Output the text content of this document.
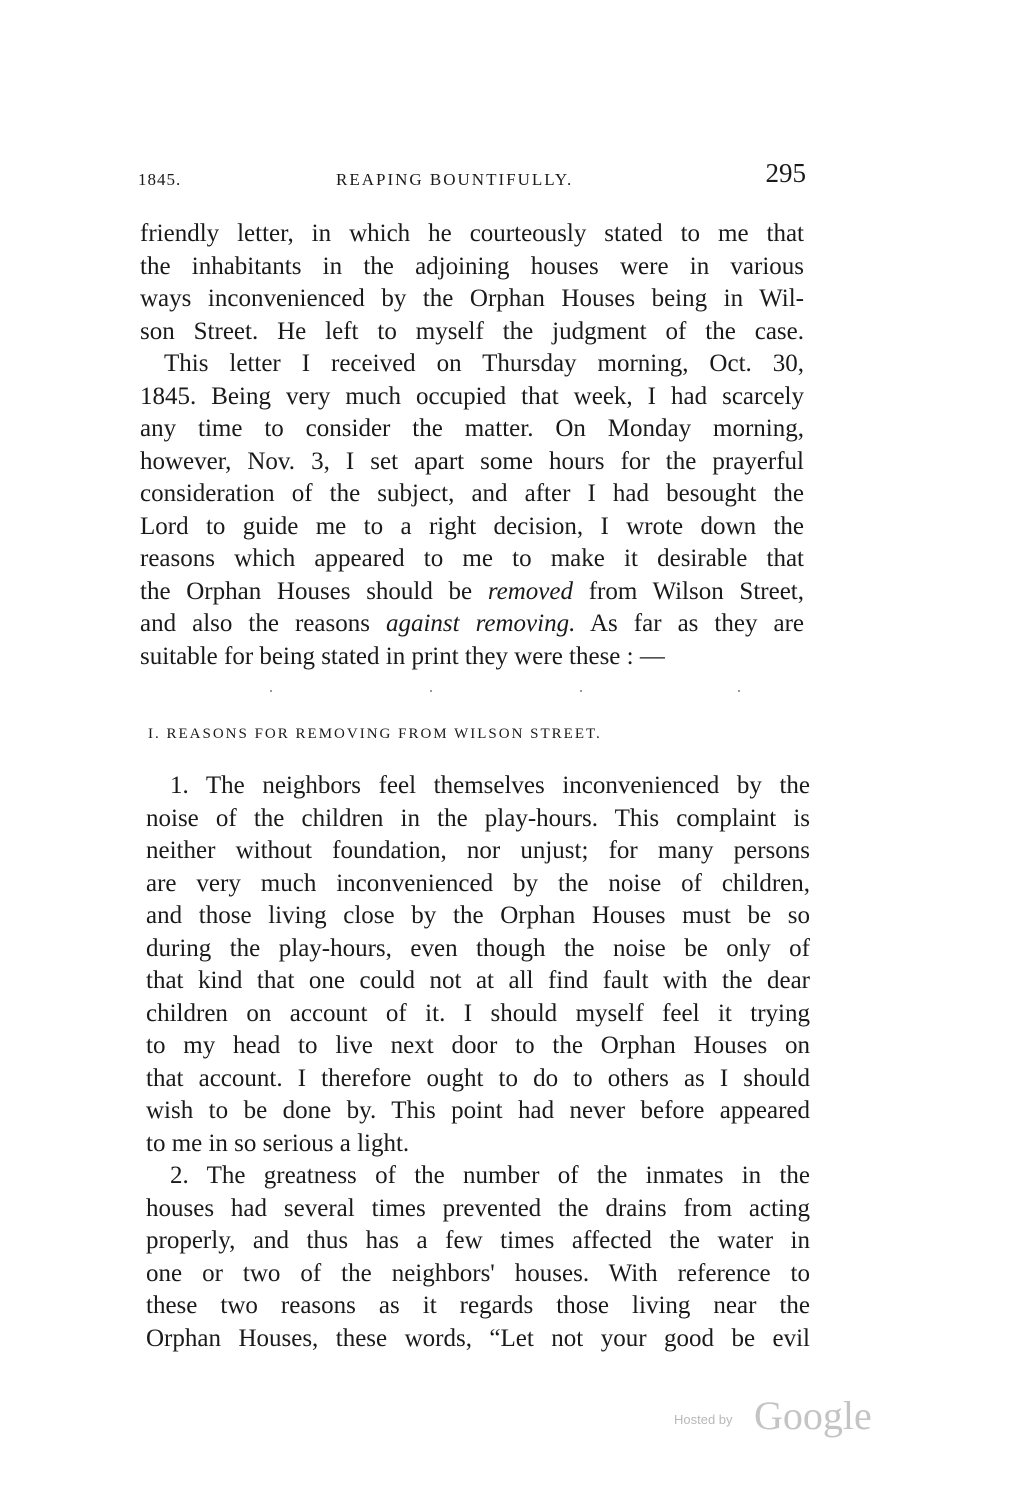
1845.	REAPING BOUNTIFULLY.	295
friendly letter, in which he courteously stated to me that
the inhabitants in the adjoining houses were in various
ways inconvenienced by the Orphan Houses being in Wil-
son Street. He left to myself the judgment of the case.
This letter I received on Thursday morning, Oct. 30,
1845. Being very much occupied that week, I had scarcely
any time to consider the matter. On Monday morning,
however, Nov. 3, I set apart some hours for the prayerful
consideration of the subject, and after I had besought the
Lord to guide me to a right decision, I wrote down the
reasons which appeared to me to make it desirable that
the Orphan Houses should be removed from Wilson Street,
and also the reasons against removing. As far as they are
suitable for being stated in print they were these : —
I. REASONS FOR REMOVING FROM WILSON STREET.
1. The neighbors feel themselves inconvenienced by the
noise of the children in the play-hours. This complaint is
neither without foundation, nor unjust; for many persons
are very much inconvenienced by the noise of children,
and those living close by the Orphan Houses must be so
during the play-hours, even though the noise be only of
that kind that one could not at all find fault with the dear
children on account of it. I should myself feel it trying
to my head to live next door to the Orphan Houses on
that account. I therefore ought to do to others as I should
wish to be done by. This point had never before appeared
to me in so serious a light.
2. The greatness of the number of the inmates in the
houses had several times prevented the drains from acting
properly, and thus has a few times affected the water in
one or two of the neighbors' houses. With reference to
these two reasons as it regards those living near the
Orphan Houses, these words, “Let not your good be evil
Hosted by Google
